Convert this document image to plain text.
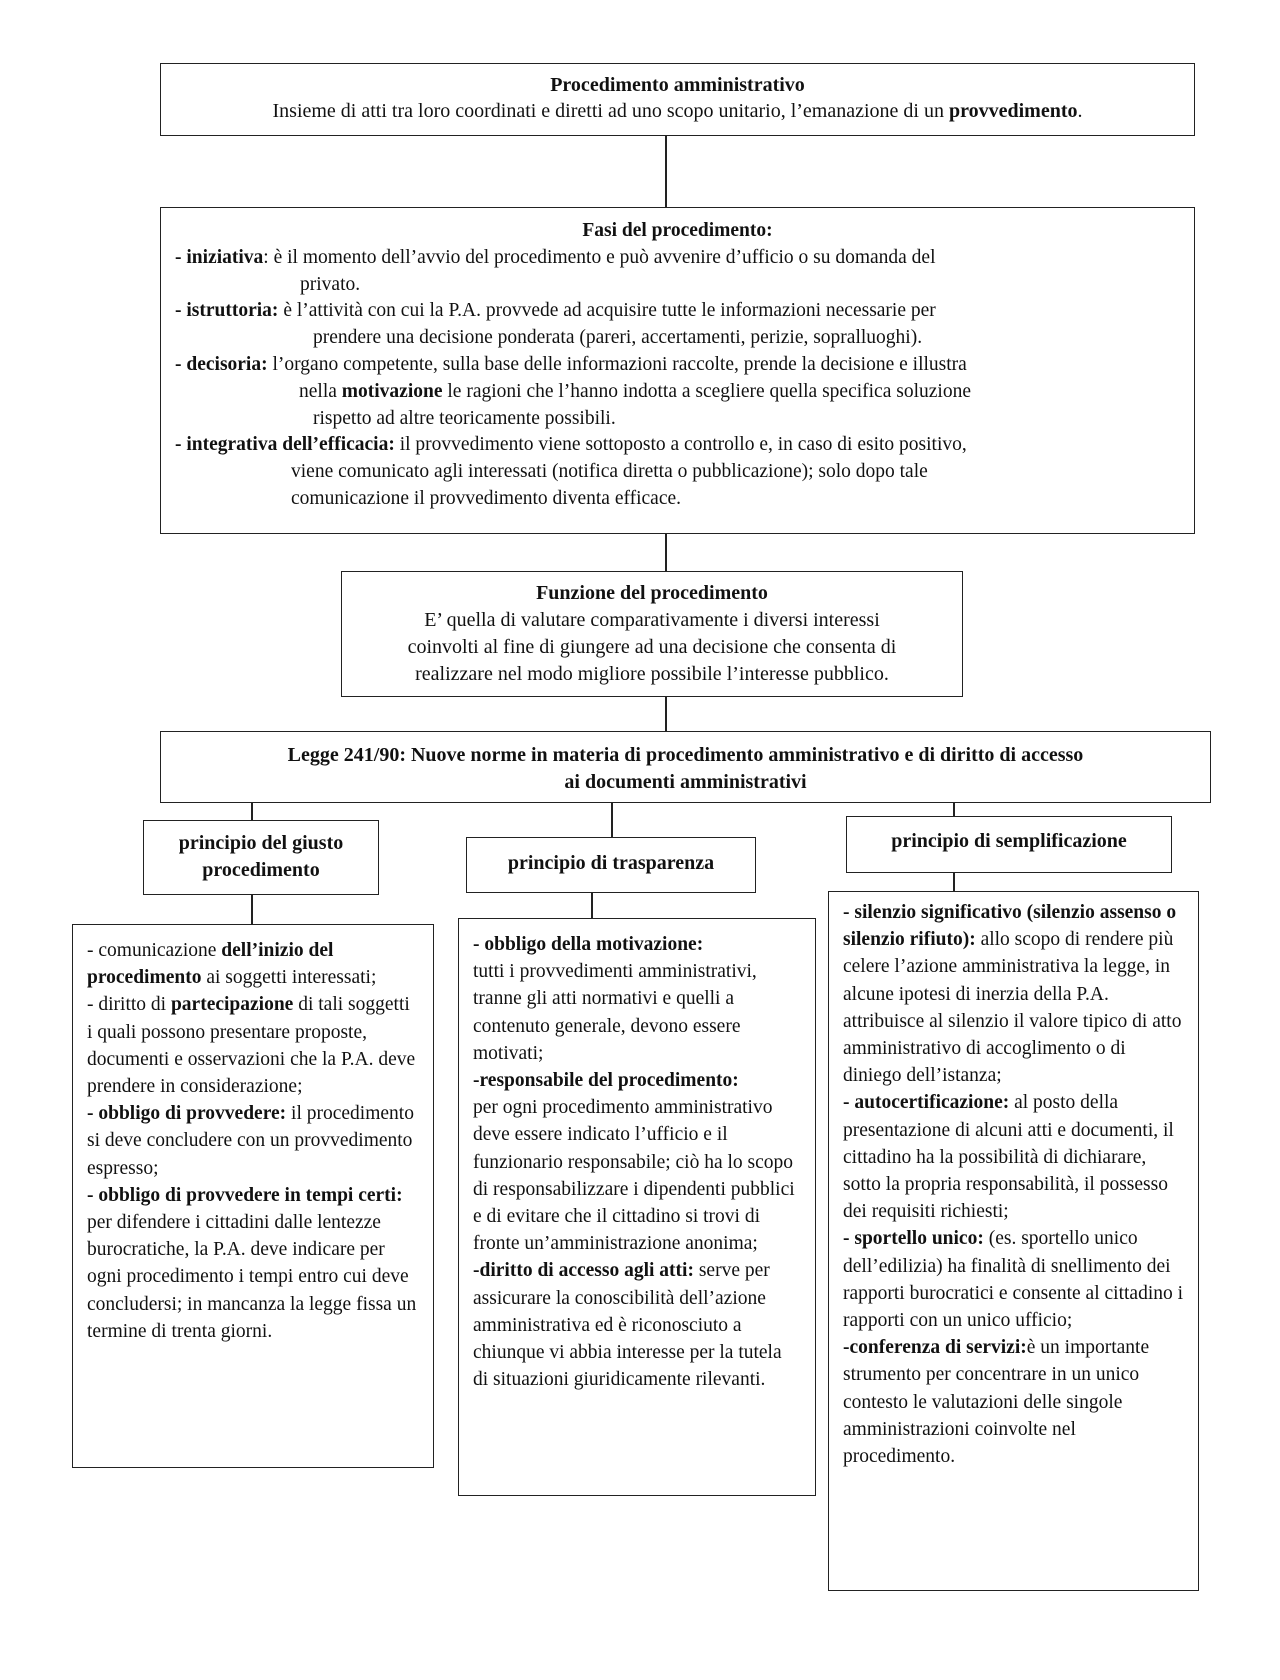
Procedimento amministrativo

Insieme di atti tra loro coordinati e diretti ad uno scopo unitario, l’emanazione di un provvedimento.

Fasi del procedimento:

- iniziativa: è il momento dell’avvio del procedimento e può avvenire d’ufficio o su domanda del
privato.
- istruttoria: è l’attività con cui la P.A. provvede ad acquisire tutte le informazioni necessarie per
prendere una decisione ponderata (pareri, accertamenti, perizie, sopralluoghi).
- decisoria: l’organo competente, sulla base delle informazioni raccolte, prende la decisione e illustra
nella motivazione le ragioni che l’hanno indotta a scegliere quella specifica soluzione
rispetto ad altre teoricamente possibili.
- integrativa dell’efficacia: il provvedimento viene sottoposto a controllo e, in caso di esito positivo,
viene comunicato agli interessati (notifica diretta o pubblicazione); solo dopo tale
comunicazione il provvedimento diventa efficace.

Funzione del procedimento

E’ quella di valutare comparativamente i diversi interessi

coinvolti al fine di giungere ad una decisione che consenta di

realizzare nel modo migliore possibile l’interesse pubblico.

Legge 241/90: Nuove norme in materia di procedimento amministrativo e di diritto di accesso

ai documenti amministrativi

principio del giusto

procedimento	principio di trasparenza

principio di semplificazione

- comunicazione dell’inizio del procedimento ai soggetti interessati;

- diritto di partecipazione di tali soggetti i quali possono presentare proposte, documenti e osservazioni che la P.A. deve prendere in considerazione;

- obbligo di provvedere: il procedimento si deve concludere con un provvedimento espresso;

- obbligo di provvedere in tempi certi: per difendere i cittadini dalle lentezze burocratiche, la P.A. deve indicare per ogni procedimento i tempi entro cui deve concludersi; in mancanza la legge fissa un termine di trenta giorni.

- obbligo della motivazione:
tutti i provvedimenti amministrativi, tranne gli atti normativi e quelli a contenuto generale, devono essere motivati;

-responsabile del procedimento:
per ogni procedimento amministrativo deve essere indicato l’ufficio e il funzionario responsabile; ciò ha lo scopo di responsabilizzare i dipendenti pubblici e di evitare che il cittadino si trovi di fronte un’amministrazione anonima;

-diritto di accesso agli atti: serve per assicurare la conoscibilità dell’azione amministrativa ed è riconosciuto a chiunque vi abbia interesse per la tutela di situazioni giuridicamente rilevanti.

- silenzio significativo (silenzio assenso o silenzio rifiuto): allo scopo di rendere più celere l’azione amministrativa la legge, in alcune ipotesi di inerzia della P.A. attribuisce al silenzio il valore tipico di atto amministrativo di accoglimento o di diniego dell’istanza;

- autocertificazione: al posto della presentazione di alcuni atti e documenti, il cittadino ha la possibilità di dichiarare, sotto la propria responsabilità, il possesso dei requisiti richiesti;

- sportello unico: (es. sportello unico dell’edilizia) ha finalità di snellimento dei rapporti burocratici e consente al cittadino i rapporti con un unico ufficio;

-conferenza di servizi:è un importante strumento per concentrare in un unico contesto le valutazioni delle singole amministrazioni coinvolte nel procedimento.
